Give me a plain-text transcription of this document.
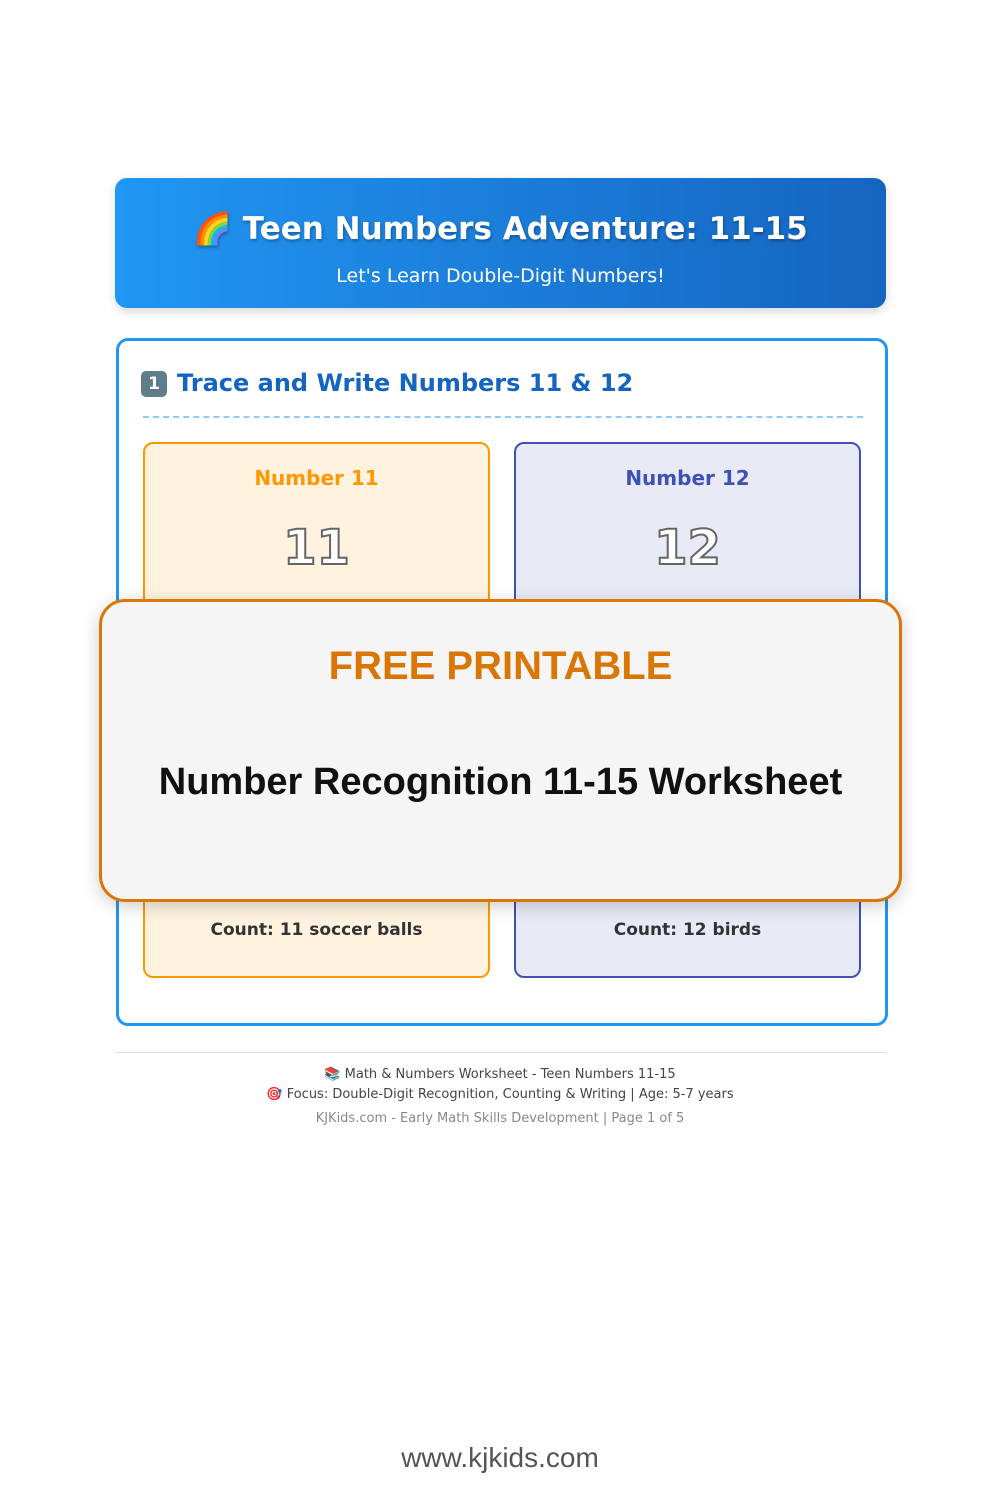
🌈 Teen Numbers Adventure: 11-15
Let's Learn Double-Digit Numbers!
1 Trace and Write Numbers 11 & 12
Number 11
11
Count: 11 soccer balls
Number 12
12
Count: 12 birds
FREE PRINTABLE
Number Recognition 11-15 Worksheet
📚 Math & Numbers Worksheet - Teen Numbers 11-15
🎯 Focus: Double-Digit Recognition, Counting & Writing | Age: 5-7 years
KJKids.com - Early Math Skills Development | Page 1 of 5
www.kjkids.com
